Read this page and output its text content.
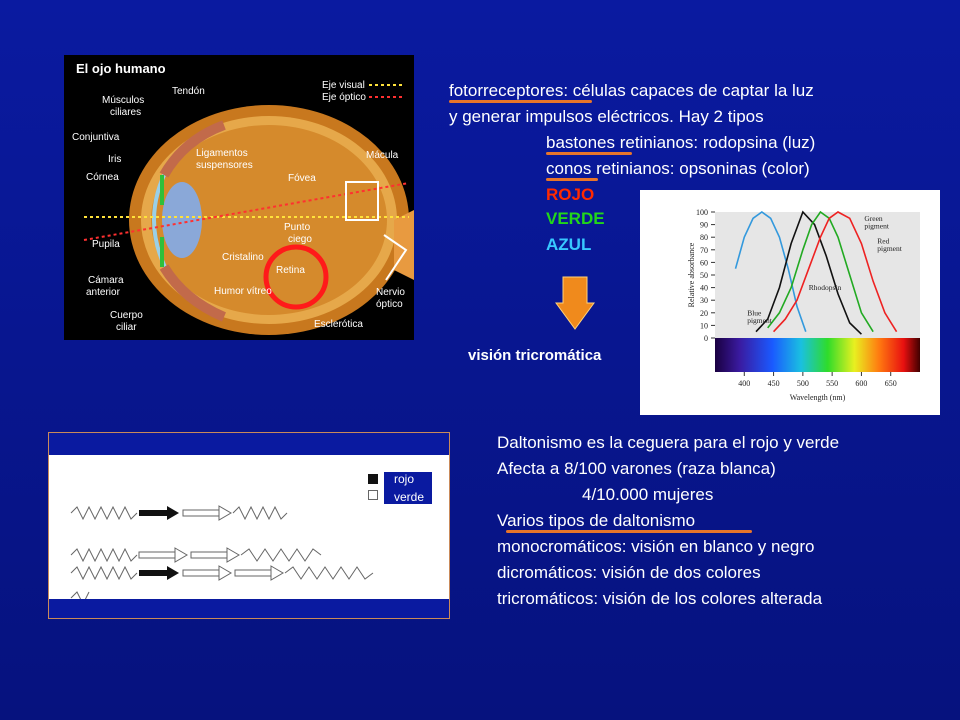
El ojo humano
Músculos
ciliares
Tendón
Conjuntiva
Iris
Córnea
Ligamentos
suspensores
Eje visual
Eje óptico
Mácula
Fóvea
Punto
ciego
Pupila
Cristalino
Cámara
anterior
Retina
Humor vítreo	Nervio
óptico
Cuerpo
ciliar	Esclerótica
fotorreceptores: células capaces de captar la luz
y generar impulsos eléctricos. Hay 2 tipos
bastones retinianos: rodopsina (luz)
conos retinianos: opsoninas (color)
ROJO
VERDE
AZUL
visión tricromática
0
10
20
30
40
50
60
70
80
90
100
400 450 500 550 600 650
Wavelength (nm)
Relative absorbance
Green
pigment
Red
pigment
Rhodopsin
Blue
pigment
rojo
verde
Daltonismo es la ceguera para el rojo y verde
Afecta a 8/100 varones (raza blanca)
4/10.000 mujeres
Varios tipos de daltonismo
monocromáticos: visión en blanco y negro
dicromáticos: visión de dos colores
tricromáticos: visión de los colores alterada
